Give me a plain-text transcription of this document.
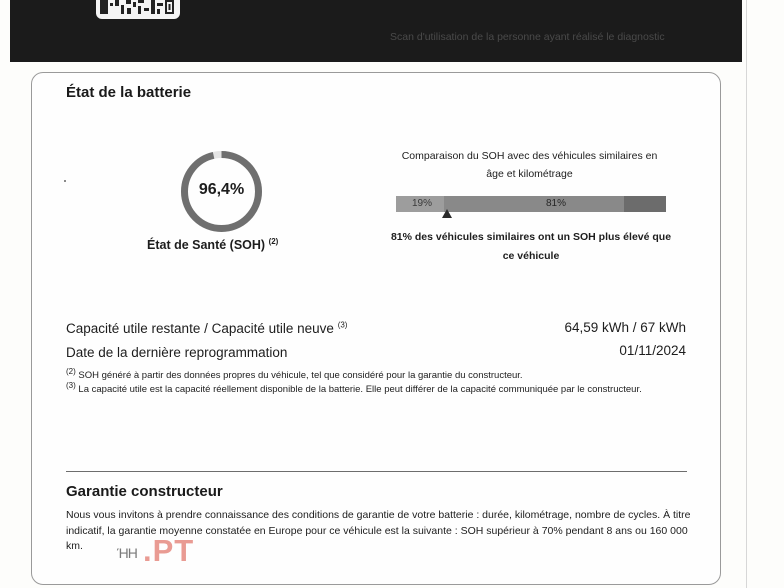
Scan d'utilisation de la personne ayant réalisé le diagnostic
État de la batterie
96,4%
État de Santé (SOH) $^{(2)}$
Comparaison du SOH avec des véhicules similaires en âge et kilométrage
19%	81%
81% des véhicules similaires ont un SOH plus élevé que ce véhicule
Capacité utile restante / Capacité utile neuve $^{(3)}$	64,59 kWh / 67 kWh
Date de la dernière reprogrammation	01/11/2024
$^{(2)}$ SOH généré à partir des données propres du véhicule, tel que considéré pour la garantie du constructeur.
$^{(3)}$ La capacité utile est la capacité réellement disponible de la batterie. Elle peut différer de la capacité communiquée par le constructeur.
Garantie constructeur
Nous vous invitons à prendre connaissance des conditions de garantie de votre batterie : durée, kilométrage, nombre de cycles. À titre indicatif, la garantie moyenne constatée en Europe pour ce véhicule est la suivante : SOH supérieur à 70% pendant 8 ans ou 160 000 km.	ΉΗ .PT
